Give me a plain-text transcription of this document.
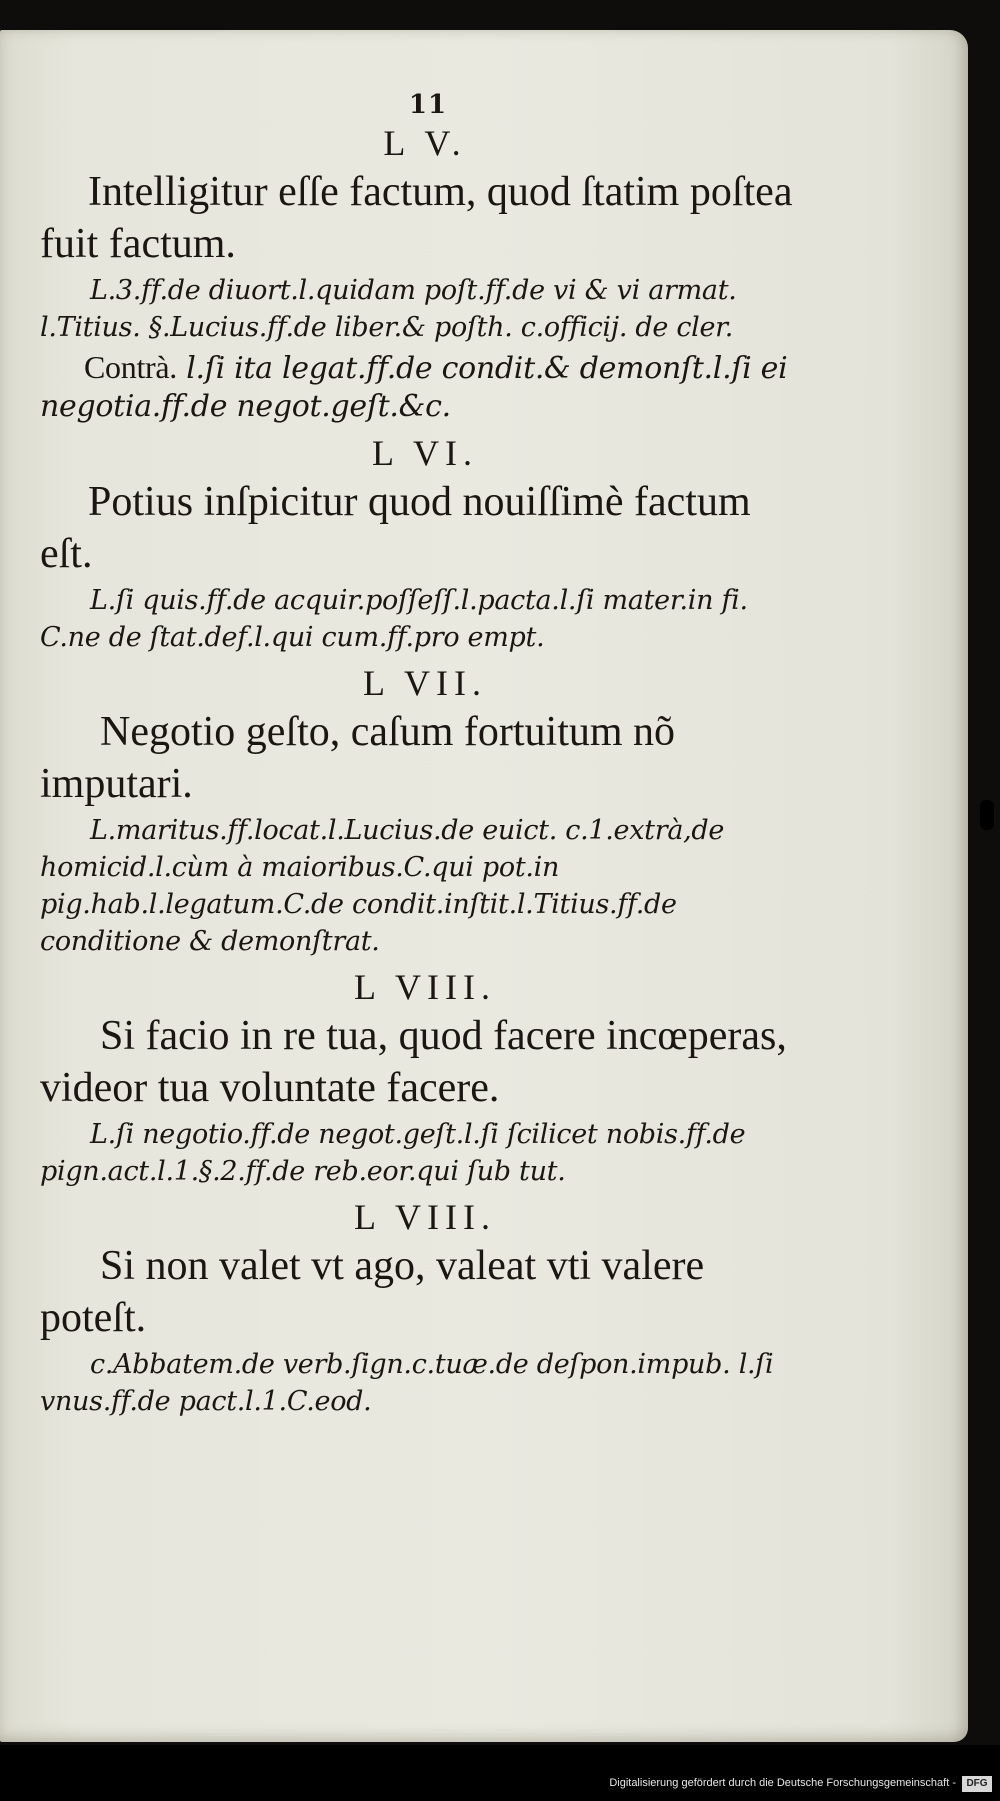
11
L V.

Intelligitur eſſe factum, quod ſtatim poſtea fuit factum.

L.3.ff.de diuort.l.quidam poſt.ff.de vi & vi armat. l.Titius. §.Lucius.ff.de liber.& poſth. c.officij. de cler.

Contrà. l.ſi ita legat.ff.de condit.& demonſt.l.ſi ei negotia.ff.de negot.geſt.&c.

L VI.

Potius inſpicitur quod nouiſſimè factum eſt.

L.ſi quis.ff.de acquir.poſſeſſ.l.pacta.l.ſi mater.in fi. C.ne de ſtat.def.l.qui cum.ff.pro empt.

L VII.

Negotio geſto, caſum fortuitum nõ imputari.

L.maritus.ff.locat.l.Lucius.de euict. c.1.extrà,de homicid.l.cùm à maioribus.C.qui pot.in pig.hab.l.legatum.C.de condit.inſtit.l.Titius.ff.de conditione & demonſtrat.

L VIII.

Si facio in re tua, quod facere incœperas, videor tua voluntate facere.

L.ſi negotio.ff.de negot.geſt.l.ſi ſcilicet nobis.ff.de pign.act.l.1.§.2.ff.de reb.eor.qui ſub tut.

L VIII.

Si non valet vt ago, valeat vti valere poteſt.

c.Abbatem.de verb.ſign.c.tuæ.de deſpon.impub. l.ſi vnus.ff.de pact.l.1.C.eod.

Digitalisierung gefördert durch die Deutsche Forschungsgemeinschaft -	DFG
